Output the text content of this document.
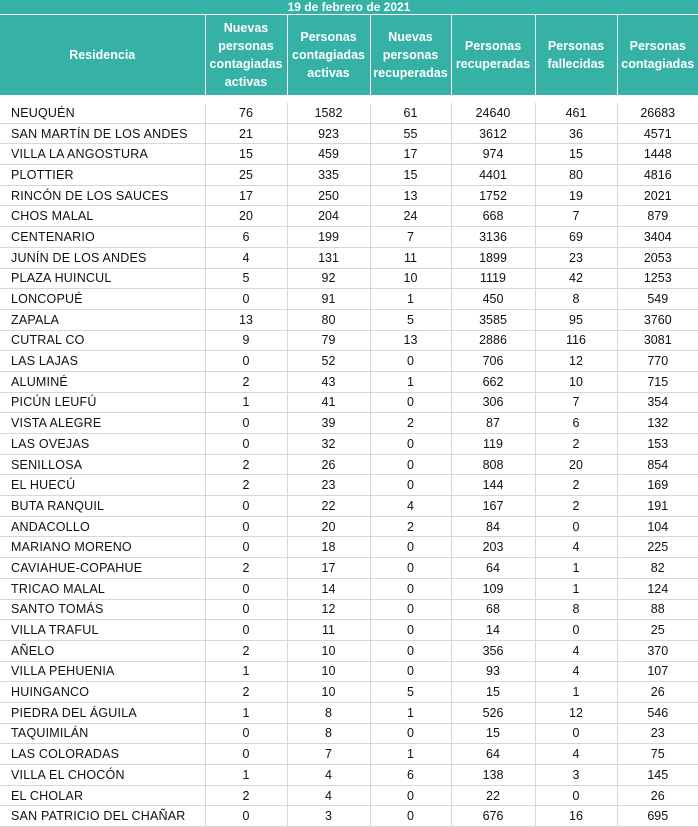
19 de febrero de 2021
Residencia	Nuevas personas contagiadas activas	Personas contagiadas activas	Nuevas personas recuperadas	Personas recuperadas	Personas fallecidas	Personas contagiadas

NEUQUÉN	76	1582	61	24640	461	26683
SAN MARTÍN DE LOS ANDES	21	923	55	3612	36	4571
VILLA LA ANGOSTURA	15	459	17	974	15	1448
PLOTTIER	25	335	15	4401	80	4816
RINCÓN DE LOS SAUCES	17	250	13	1752	19	2021
CHOS MALAL	20	204	24	668	7	879
CENTENARIO	6	199	7	3136	69	3404
JUNÍN DE LOS ANDES	4	131	11	1899	23	2053
PLAZA HUINCUL	5	92	10	1119	42	1253
LONCOPUÉ	0	91	1	450	8	549
ZAPALA	13	80	5	3585	95	3760
CUTRAL CO	9	79	13	2886	116	3081
LAS LAJAS	0	52	0	706	12	770
ALUMINÉ	2	43	1	662	10	715
PICÚN LEUFÚ	1	41	0	306	7	354
VISTA ALEGRE	0	39	2	87	6	132
LAS OVEJAS	0	32	0	119	2	153
SENILLOSA	2	26	0	808	20	854
EL HUECÚ	2	23	0	144	2	169
BUTA RANQUIL	0	22	4	167	2	191
ANDACOLLO	0	20	2	84	0	104
MARIANO MORENO	0	18	0	203	4	225
CAVIAHUE-COPAHUE	2	17	0	64	1	82
TRICAO MALAL	0	14	0	109	1	124
SANTO TOMÁS	0	12	0	68	8	88
VILLA TRAFUL	0	11	0	14	0	25
AÑELO	2	10	0	356	4	370
VILLA PEHUENIA	1	10	0	93	4	107
HUINGANCO	2	10	5	15	1	26
PIEDRA DEL ÁGUILA	1	8	1	526	12	546
TAQUIMILÁN	0	8	0	15	0	23
LAS COLORADAS	0	7	1	64	4	75
VILLA EL CHOCÓN	1	4	6	138	3	145
EL CHOLAR	2	4	0	22	0	26
SAN PATRICIO DEL CHAÑAR	0	3	0	676	16	695
